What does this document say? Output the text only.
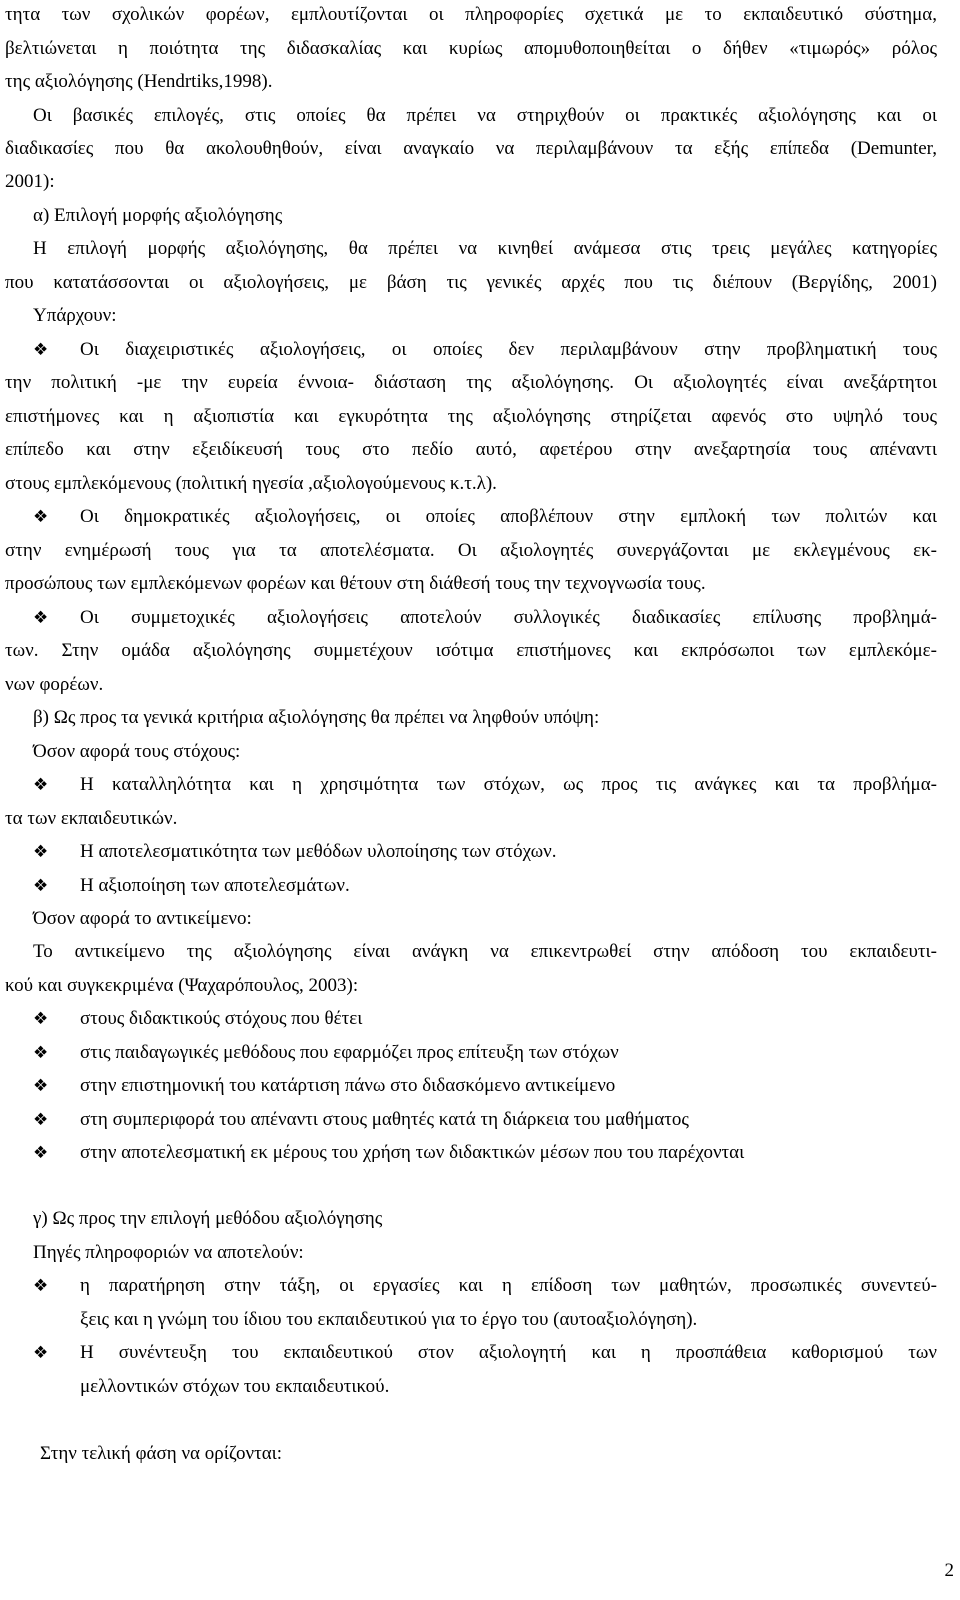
τητα των σχολικών φορέων, εμπλουτίζονται οι πληροφορίες σχετικά με το εκπαιδευτικό σύστημα,
βελτιώνεται η ποιότητα της διδασκαλίας και κυρίως απομυθοποιηθείται ο δήθεν «τιμωρός» ρόλος
της αξιολόγησης (Hendrtiks,1998).
Οι βασικές επιλογές, στις οποίες θα πρέπει να στηριχθούν οι πρακτικές αξιολόγησης και οι
διαδικασίες που θα ακολουθηθούν, είναι αναγκαίο να περιλαμβάνουν τα εξής επίπεδα (Demunter,
2001):
α) Επιλογή μορφής αξιολόγησης
Η επιλογή μορφής αξιολόγησης, θα πρέπει να κινηθεί ανάμεσα στις τρεις μεγάλες κατηγορίες
που κατατάσσονται οι αξιολογήσεις, με βάση τις γενικές αρχές που τις διέπουν (Βεργίδης, 2001)
Υπάρχουν:
❖ Οι διαχειριστικές αξιολογήσεις, οι οποίες δεν περιλαμβάνουν στην προβληματική τους
την πολιτική -με την ευρεία έννοια- διάσταση της αξιολόγησης. Οι αξιολογητές είναι ανεξάρτητοι
επιστήμονες και η αξιοπιστία και εγκυρότητα της αξιολόγησης στηρίζεται αφενός στο υψηλό τους
επίπεδο και στην εξειδίκευσή τους στο πεδίο αυτό, αφετέρου στην ανεξαρτησία τους απέναντι
στους εμπλεκόμενους (πολιτική ηγεσία ,αξιολογούμενους κ.τ.λ).
❖ Οι δημοκρατικές αξιολογήσεις, οι οποίες αποβλέπουν στην εμπλοκή των πολιτών και
στην ενημέρωσή τους για τα αποτελέσματα. Οι αξιολογητές συνεργάζονται με εκλεγμένους εκ-
προσώπους των εμπλεκόμενων φορέων και θέτουν στη διάθεσή τους την τεχνογνωσία τους.
❖ Οι συμμετοχικές αξιολογήσεις αποτελούν συλλογικές διαδικασίες επίλυσης προβλημά-
των. Στην ομάδα αξιολόγησης συμμετέχουν ισότιμα επιστήμονες και εκπρόσωποι των εμπλεκόμε-
νων φορέων.
β) Ως προς τα γενικά κριτήρια αξιολόγησης θα πρέπει να ληφθούν υπόψη:
Όσον αφορά τους στόχους:
❖ Η καταλληλότητα και η χρησιμότητα των στόχων, ως προς τις ανάγκες και τα προβλήμα-
τα των εκπαιδευτικών.
❖ Η αποτελεσματικότητα των μεθόδων υλοποίησης των στόχων.
❖ Η αξιοποίηση των αποτελεσμάτων.
Όσον αφορά το αντικείμενο:
Το αντικείμενο της αξιολόγησης είναι ανάγκη να επικεντρωθεί στην απόδοση του εκπαιδευτι-
κού και συγκεκριμένα (Ψαχαρόπουλος, 2003):
❖ στους διδακτικούς στόχους που θέτει
❖ στις παιδαγωγικές μεθόδους που εφαρμόζει προς επίτευξη των στόχων
❖ στην επιστημονική του κατάρτιση πάνω στο διδασκόμενο αντικείμενο
❖ στη συμπεριφορά του απέναντι στους μαθητές κατά τη διάρκεια του μαθήματος
❖ στην αποτελεσματική εκ μέρους του χρήση των διδακτικών μέσων που του παρέχονται
γ) Ως προς την επιλογή μεθόδου αξιολόγησης
Πηγές πληροφοριών να αποτελούν:
❖ η παρατήρηση στην τάξη, οι εργασίες και η επίδοση των μαθητών, προσωπικές συνεντεύ-
ξεις και η γνώμη του ίδιου του εκπαιδευτικού για το έργο του (αυτοαξιολόγηση).
❖ Η συνέντευξη του εκπαιδευτικού στον αξιολογητή και η προσπάθεια καθορισμού των
μελλοντικών στόχων του εκπαιδευτικού.
Στην τελική φάση να ορίζονται:
2
